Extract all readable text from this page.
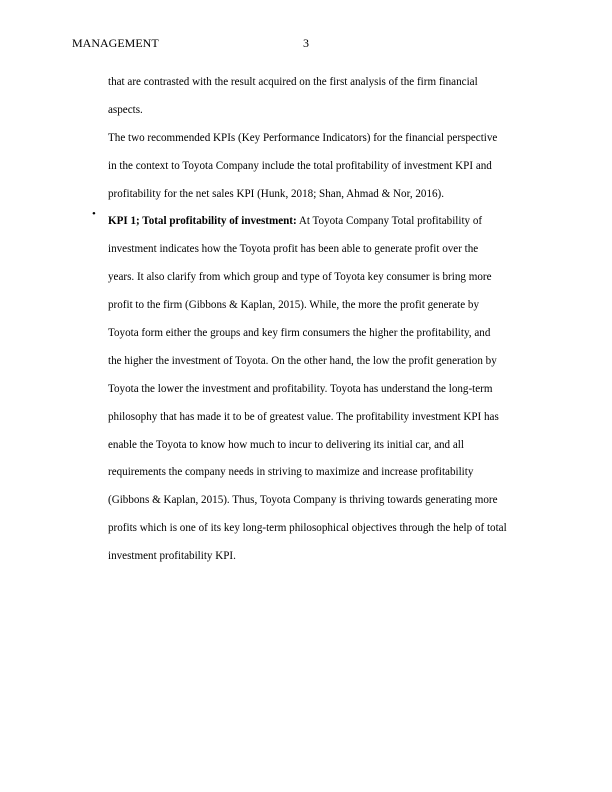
MANAGEMENT	3
that are contrasted with the result acquired on the first analysis of the firm financial
aspects.
The two recommended KPIs (Key Performance Indicators) for the financial perspective
in the context to Toyota Company include the total profitability of investment KPI and
profitability for the net sales KPI (Hunk, 2018; Shan, Ahmad & Nor, 2016).
KPI 1; Total profitability of investment: At Toyota Company Total profitability of
investment indicates how the Toyota profit has been able to generate profit over the
years. It also clarify from which group and type of Toyota key consumer is bring more
profit to the firm (Gibbons & Kaplan, 2015). While, the more the profit generate by
Toyota form either the groups and key firm consumers the higher the profitability, and
the higher the investment of Toyota. On the other hand, the low the profit generation by
Toyota the lower the investment and profitability. Toyota has understand the long-term
philosophy that has made it to be of greatest value. The profitability investment KPI has
enable the Toyota to know how much to incur to delivering its initial car, and all
requirements the company needs in striving to maximize and increase profitability
(Gibbons & Kaplan, 2015). Thus, Toyota Company is thriving towards generating more
profits which is one of its key long-term philosophical objectives through the help of total
investment profitability KPI.
•
